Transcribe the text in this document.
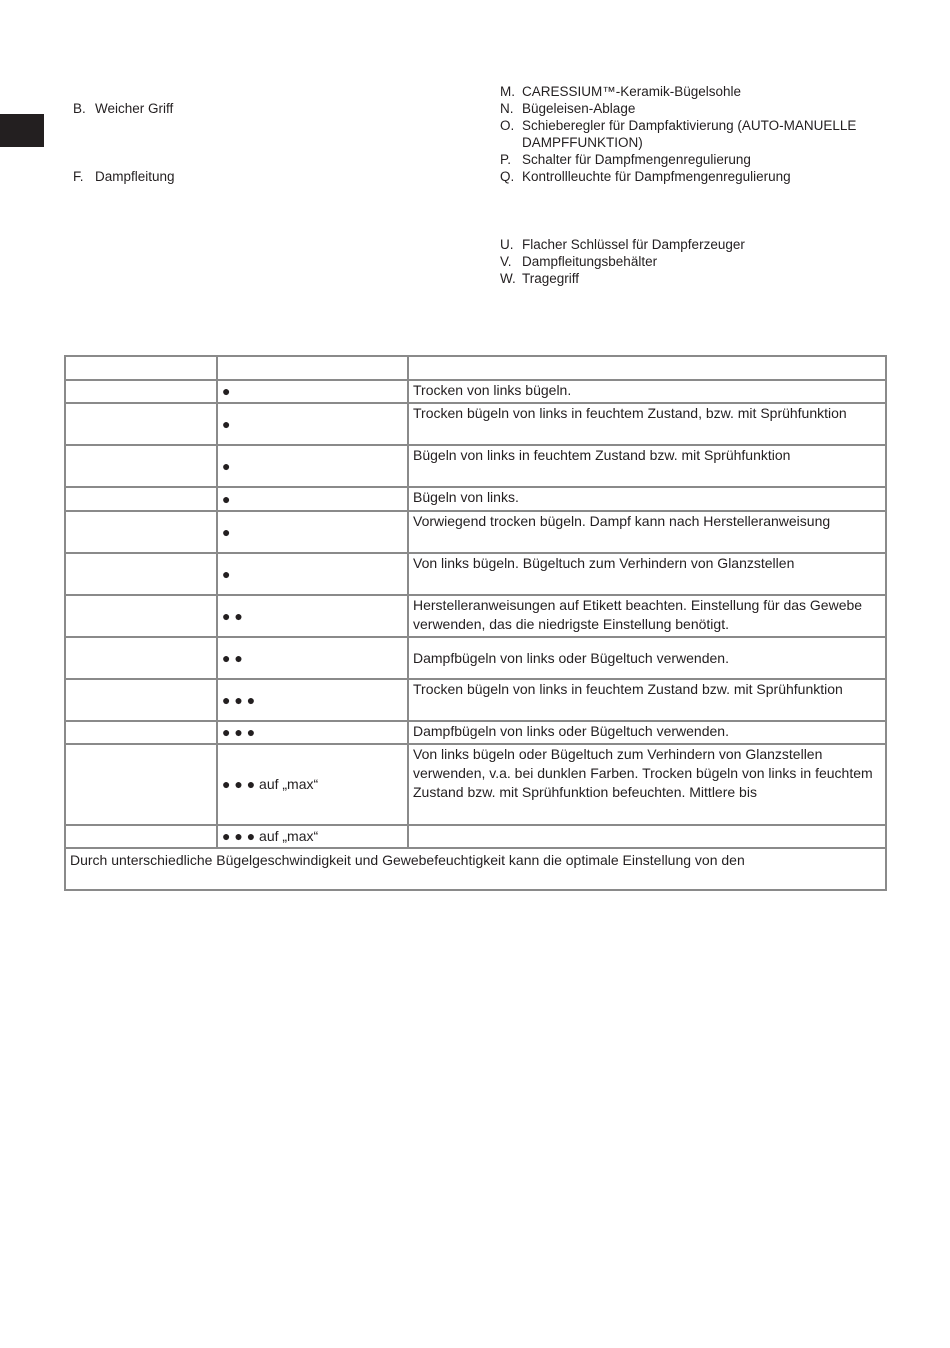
B. Weicher Griff
F. Dampfleitung
M. CARESSIUM™-Keramik-Bügelsohle
N. Bügeleisen-Ablage
O. Schieberegler für Dampfaktivierung (AUTO-MANUELLE
DAMPFFUNKTION)
P. Schalter für Dampfmengenregulierung
Q. Kontrollleuchte für Dampfmengenregulierung
U. Flacher Schlüssel für Dampferzeuger
V. Dampfleitungsbehälter
W. Tragegriff

	●	Trocken von links bügeln.
	●	Trocken bügeln von links in feuchtem Zustand, bzw. mit Sprühfunktion
	●	Bügeln von links in feuchtem Zustand bzw. mit Sprühfunktion
	●	Bügeln von links.
	●	Vorwiegend trocken bügeln. Dampf kann nach Herstelleranweisung
	●	Von links bügeln. Bügeltuch zum Verhindern von Glanzstellen
	● ●	Herstelleranweisungen auf Etikett beachten. Einstellung für das Gewebe verwenden, das die niedrigste Einstellung benötigt.
	● ●	Dampfbügeln von links oder Bügeltuch verwenden.
	● ● ●	Trocken bügeln von links in feuchtem Zustand bzw. mit Sprühfunktion
	● ● ●	Dampfbügeln von links oder Bügeltuch verwenden.
	● ● ● auf „max“	Von links bügeln oder Bügeltuch zum Verhindern von Glanzstellen verwenden, v.a. bei dunklen Farben. Trocken bügeln von links in feuchtem Zustand bzw. mit Sprühfunktion befeuchten. Mittlere bis
	● ● ● auf „max“	
Durch unterschiedliche Bügelgeschwindigkeit und Gewebefeuchtigkeit kann die optimale Einstellung von den		
